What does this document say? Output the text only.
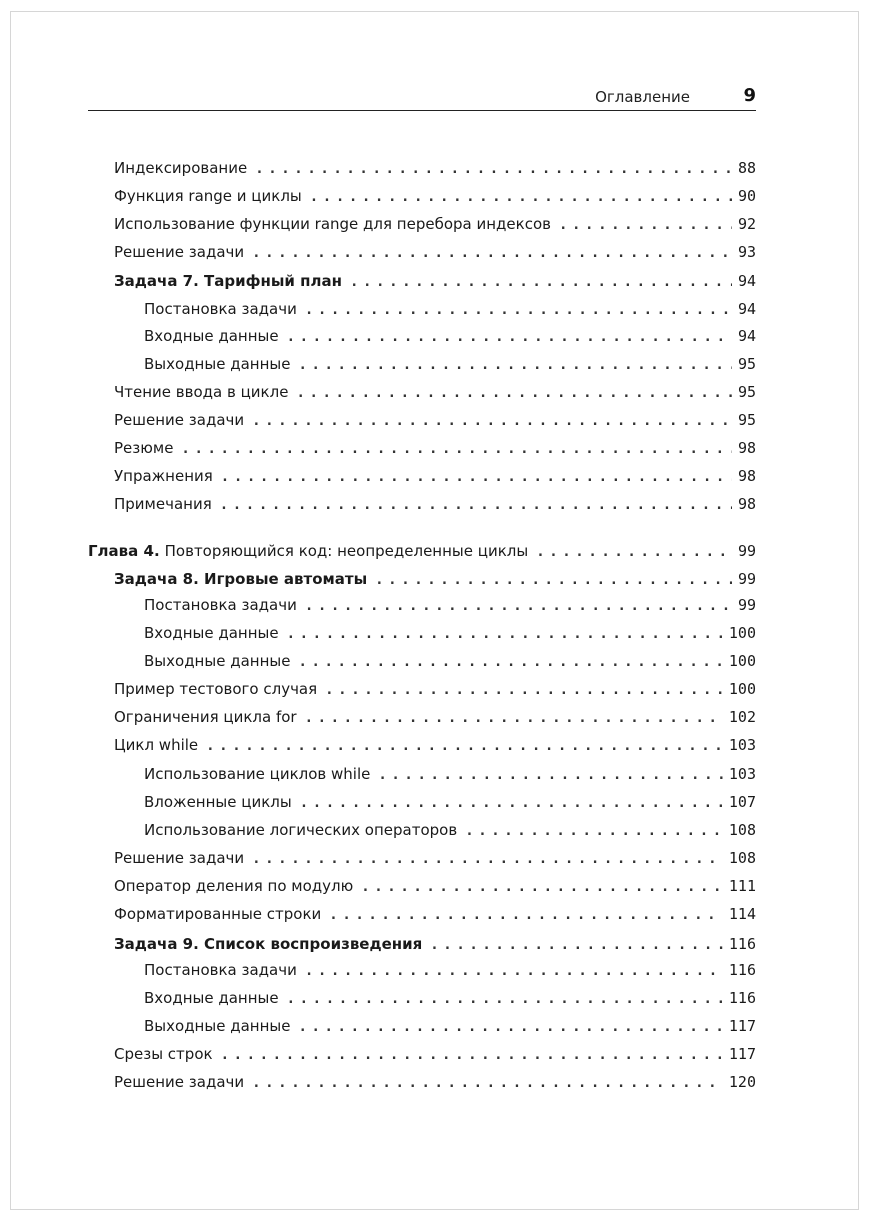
Оглавление	9
Индексирование .....	88
Функция range и циклы .....	90
Использование функции range для перебора индексов .....	92
Решение задачи .....	93
Задача 7. Тарифный план .....	94
Постановка задачи .....	94
Входные данные .....	94
Выходные данные .....	95
Чтение ввода в цикле .....	95
Решение задачи .....	95
Резюме .....	98
Упражнения .....	98
Примечания .....	98
Глава 4. Повторяющийся код: неопределенные циклы .....	99
Задача 8. Игровые автоматы .....	99
Постановка задачи .....	99
Входные данные .....	100
Выходные данные .....	100
Пример тестового случая .....	100
Ограничения цикла for .....	102
Цикл while .....	103
Использование циклов while .....	103
Вложенные циклы .....	107
Использование логических операторов .....	108
Решение задачи .....	108
Оператор деления по модулю .....	111
Форматированные строки .....	114
Задача 9. Список воспроизведения .....	116
Постановка задачи .....	116
Входные данные .....	116
Выходные данные .....	117
Срезы строк .....	117
Решение задачи .....	120
